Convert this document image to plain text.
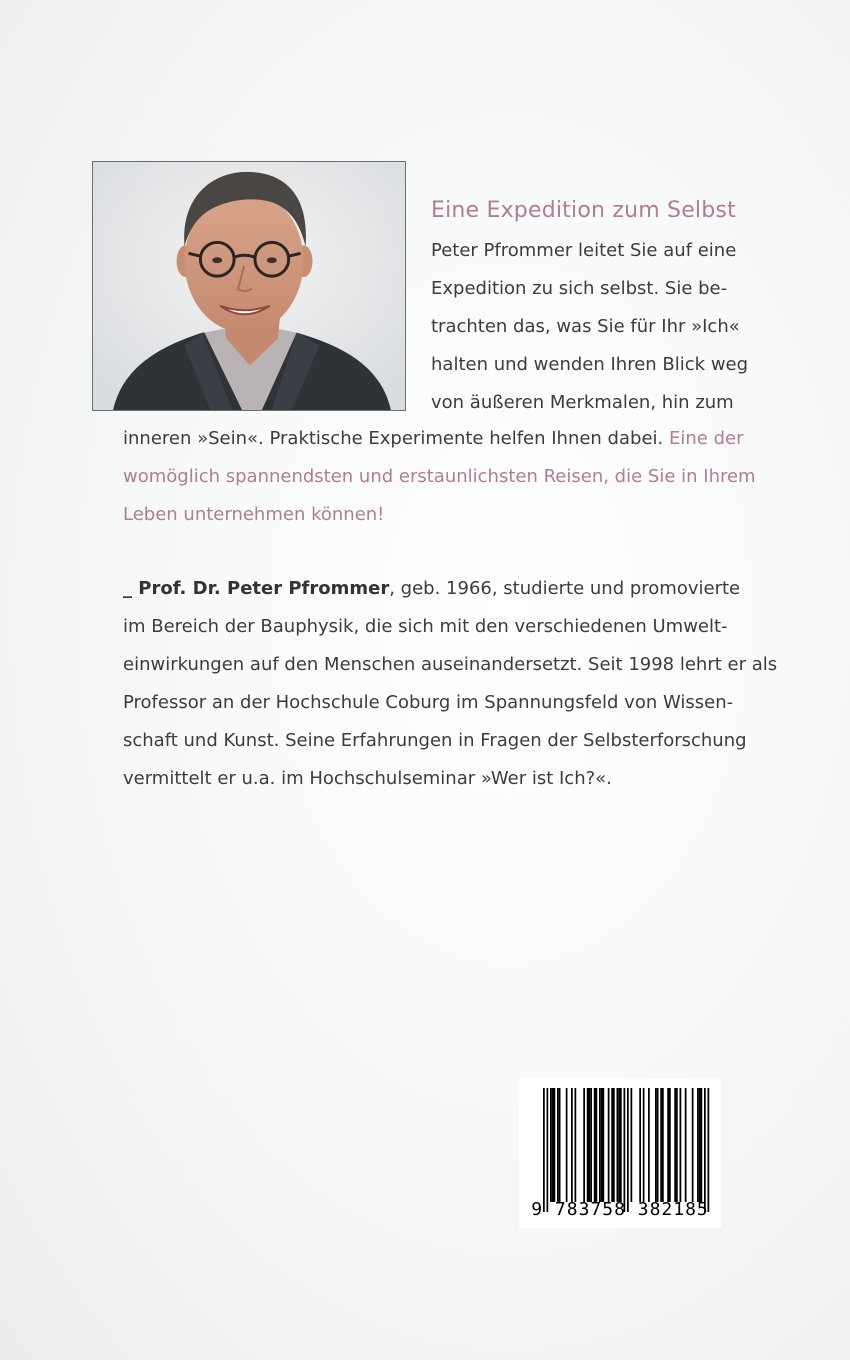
Eine Expedition zum Selbst

Peter Pfrommer leitet Sie auf eine
Expedition zu sich selbst. Sie be-
trachten das, was Sie für Ihr »Ich«
halten und wenden Ihren Blick weg
von äußeren Merkmalen, hin zum

inneren »Sein«. Praktische Experimente helfen Ihnen dabei. Eine der
womöglich spannendsten und erstaunlichsten Reisen, die Sie in Ihrem
Leben unternehmen können!

_ Prof. Dr. Peter Pfrommer, geb. 1966, studierte und promovierte
im Bereich der Bauphysik, die sich mit den verschiedenen Umwelt-
einwirkungen auf den Menschen auseinandersetzt. Seit 1998 lehrt er als
Professor an der Hochschule Coburg im Spannungsfeld von Wissen-
schaft und Kunst. Seine Erfahrungen in Fragen der Selbsterforschung
vermittelt er u.a. im Hochschulseminar »Wer ist Ich?«.

9 783758 382185
